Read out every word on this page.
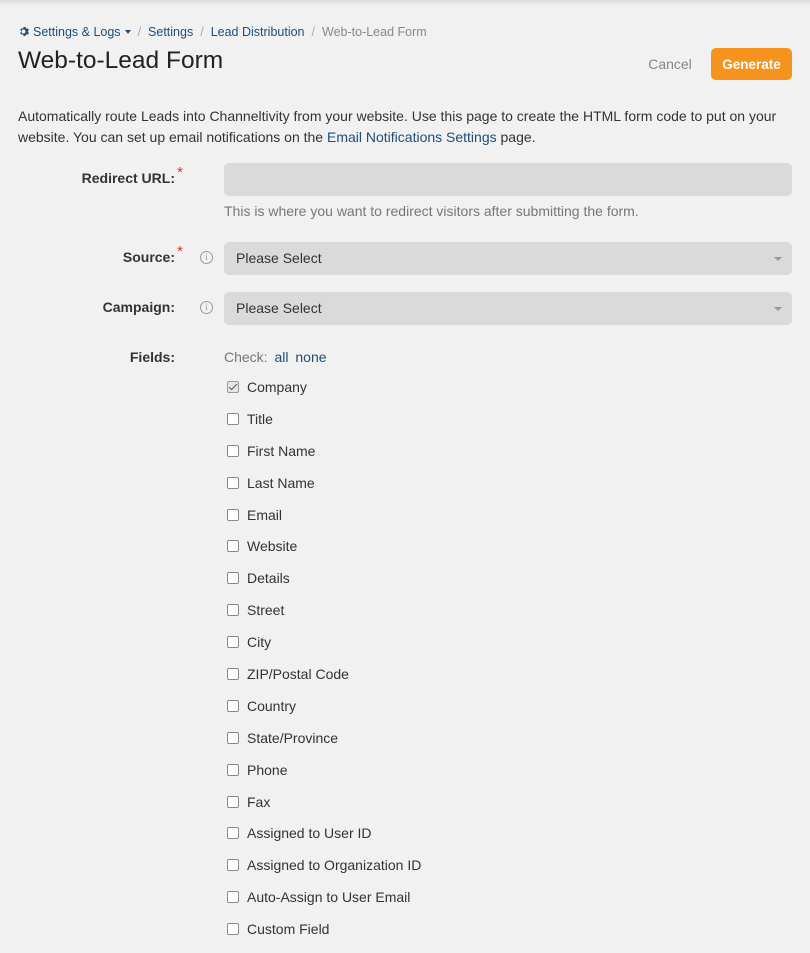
Settings & Logs	/ Settings / Lead Distribution / Web-to-Lead Form
Web-to-Lead Form	Cancel	Generate

Automatically route Leads into Channeltivity from your website. Use this page to create the HTML form code to put on your website. You can set up email notifications on the Email Notifications Settings page.

Redirect URL: *
This is where you want to redirect visitors after submitting the form.
Source: *	i	Please Select
Campaign:	i	Please Select
Fields:	Check: all none
Company
Title
First Name
Last Name
Email
Website
Details
Street
City
ZIP/Postal Code
Country
State/Province
Phone
Fax
Assigned to User ID
Assigned to Organization ID
Auto-Assign to User Email
Custom Field
